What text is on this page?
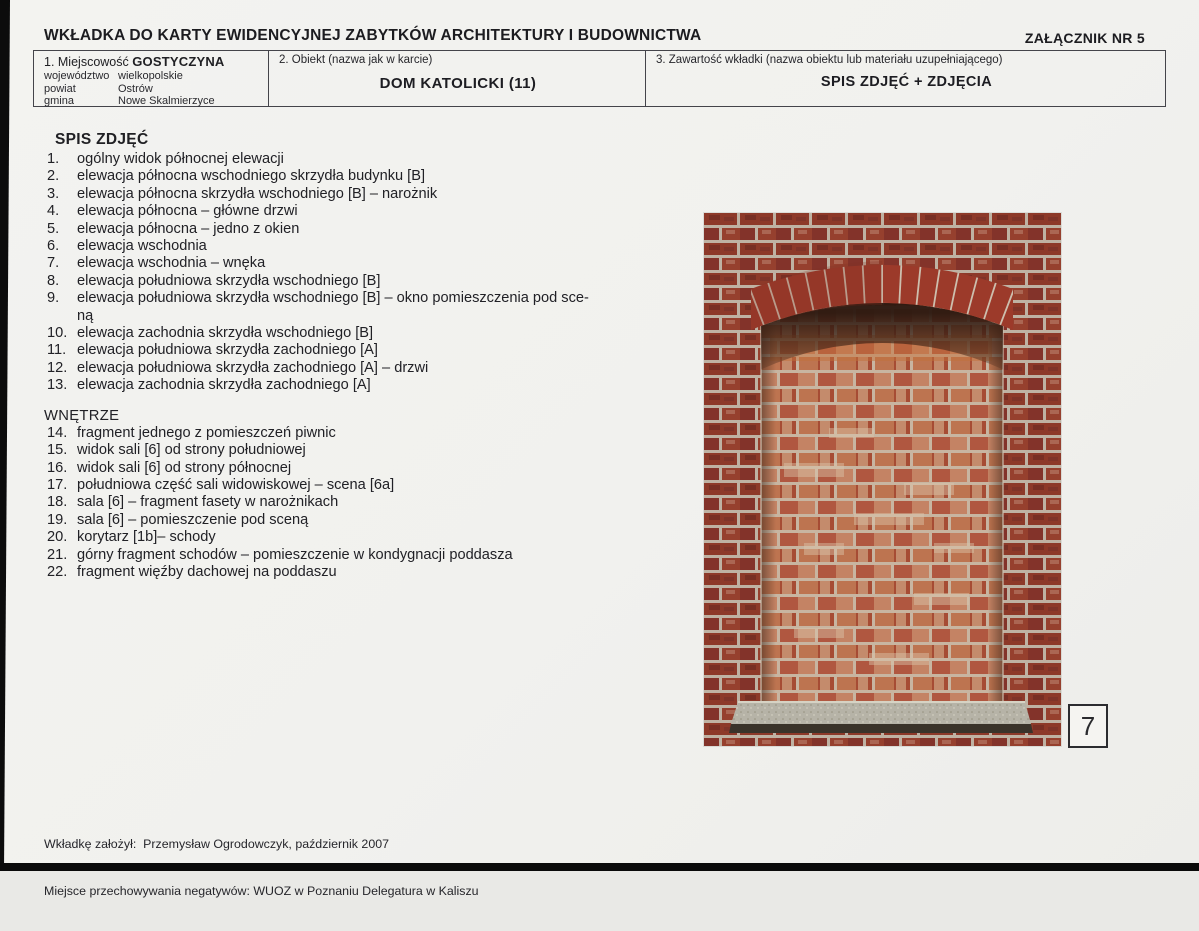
WKŁADKA DO KARTY EWIDENCYJNEJ ZABYTKÓW ARCHITEKTURY I BUDOWNICTWA	ZAŁĄCZNIK NR 5
1. Miejscowość GOSTYCZYNA
województwo wielkopolskie
powiat	Ostrów
gmina	Nowe Skalmierzyce
2. Obiekt (nazwa jak w karcie)
DOM KATOLICKI (11)
3. Zawartość wkładki (nazwa obiektu lub materiału uzupełniającego)
SPIS ZDJĘĆ + ZDJĘCIA
SPIS ZDJĘĆ
1.	ogólny widok północnej elewacji
2.	elewacja północna wschodniego skrzydła budynku [B]
3.	elewacja północna skrzydła wschodniego [B] – narożnik
4.	elewacja północna – główne drzwi
5.	elewacja północna – jedno z okien
6.	elewacja wschodnia
7.	elewacja wschodnia – wnęka
8.	elewacja południowa skrzydła wschodniego [B]
9.	elewacja południowa skrzydła wschodniego [B] – okno pomieszczenia pod sce-
ną
10. elewacja zachodnia skrzydła wschodniego [B]
11. elewacja południowa skrzydła zachodniego [A]
12. elewacja południowa skrzydła zachodniego [A] – drzwi
13. elewacja zachodnia skrzydła zachodniego [A]
WNĘTRZE
14. fragment jednego z pomieszczeń piwnic
15. widok sali [6] od strony południowej
16. widok sali [6] od strony północnej
17. południowa część sali widowiskowej – scena [6a]
18. sala [6] – fragment fasety w narożnikach
19. sala [6] – pomieszczenie pod sceną
20. korytarz [1b]– schody
21. górny fragment schodów – pomieszczenie w kondygnacji poddasza
22. fragment więźby dachowej na poddaszu
7

Wkładkę założył:  Przemysław Ogrodowczyk, październik 2007

Miejsce przechowywania negatywów: WUOZ w Poznaniu Delegatura w Kaliszu
